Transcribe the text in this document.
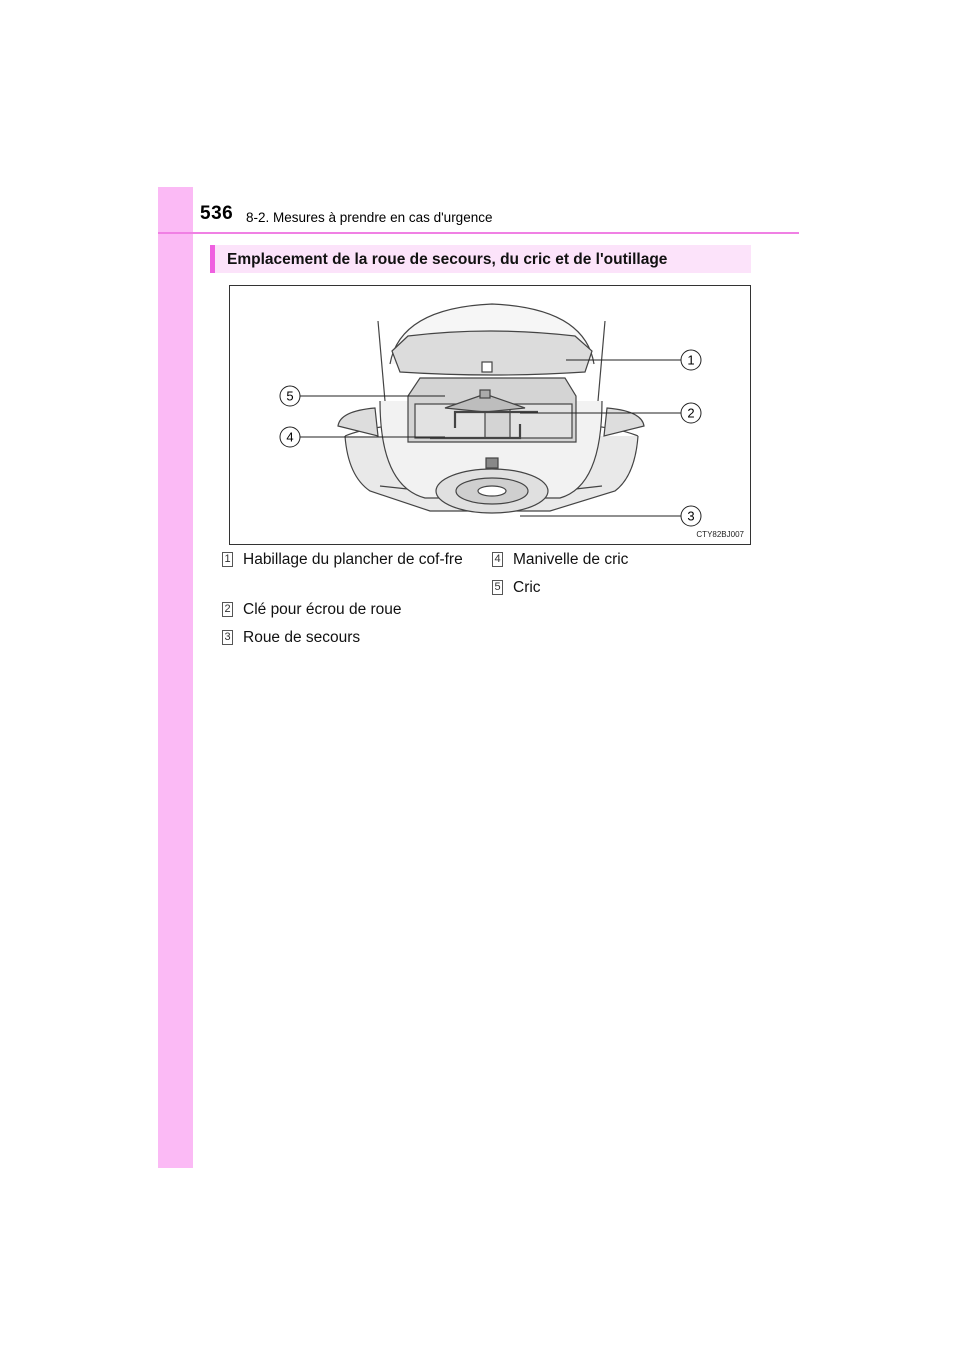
536 8-2. Mesures à prendre en cas d'urgence
Emplacement de la roue de secours, du cric et de l'outillage
1
2
3
4
5
CTY82BJ007
1 Habillage du plancher de cof-fre
2 Clé pour écrou de roue
3 Roue de secours
4 Manivelle de cric
5 Cric
